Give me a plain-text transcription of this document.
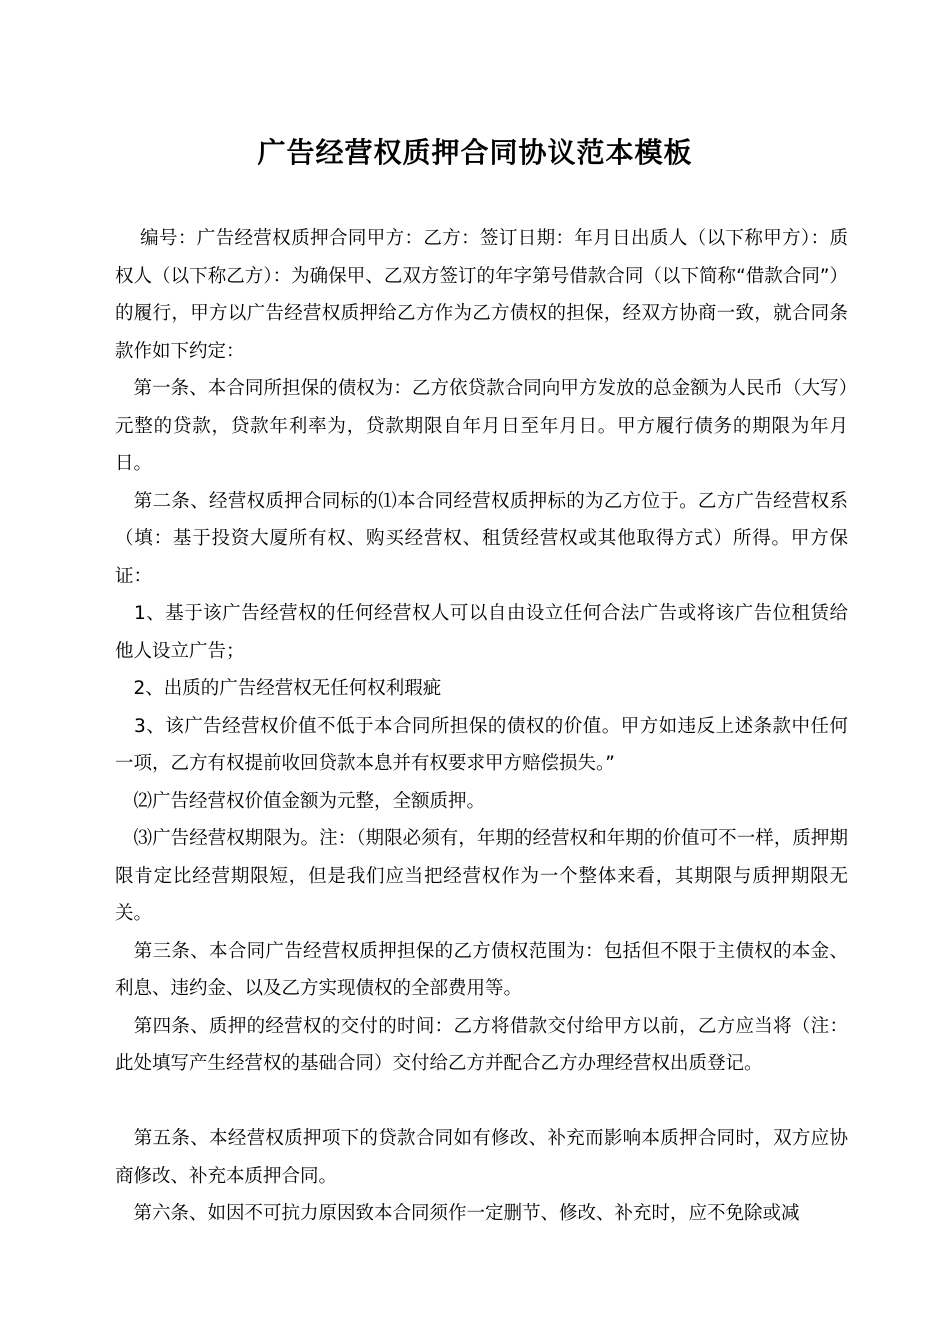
广告经营权质押合同协议范本模板

　 编号：广告经营权质押合同甲方：乙方：签订日期：年月日出质人（以下称甲方）：质权人（以下称乙方）：为确保甲、乙双方签订的年字第号借款合同（以下简称“借款合同”）的履行，甲方以广告经营权质押给乙方作为乙方债权的担保，经双方协商一致，就合同条款作如下约定：

　第一条、本合同所担保的债权为：乙方依贷款合同向甲方发放的总金额为人民币（大写）元整的贷款，贷款年利率为，贷款期限自年月日至年月日。甲方履行债务的期限为年月日。

　第二条、经营权质押合同标的⑴本合同经营权质押标的为乙方位于。乙方广告经营权系（填：基于投资大厦所有权、购买经营权、租赁经营权或其他取得方式）所得。甲方保证：

　1、基于该广告经营权的任何经营权人可以自由设立任何合法广告或将该广告位租赁给他人设立广告；

　2、出质的广告经营权无任何权利瑕疵

　3、该广告经营权价值不低于本合同所担保的债权的价值。甲方如违反上述条款中任何一项，乙方有权提前收回贷款本息并有权要求甲方赔偿损失。”

　⑵广告经营权价值金额为元整，全额质押。

　⑶广告经营权期限为。注：（期限必须有，年期的经营权和年期的价值可不一样，质押期限肯定比经营期限短，但是我们应当把经营权作为一个整体来看，其期限与质押期限无关。

　第三条、本合同广告经营权质押担保的乙方债权范围为：包括但不限于主债权的本金、利息、违约金、以及乙方实现债权的全部费用等。

　第四条、质押的经营权的交付的时间：乙方将借款交付给甲方以前，乙方应当将（注：此处填写产生经营权的基础合同）交付给乙方并配合乙方办理经营权出质登记。

　第五条、本经营权质押项下的贷款合同如有修改、补充而影响本质押合同时，双方应协商修改、补充本质押合同。

　第六条、如因不可抗力原因致本合同须作一定删节、修改、补充时，应不免除或减
